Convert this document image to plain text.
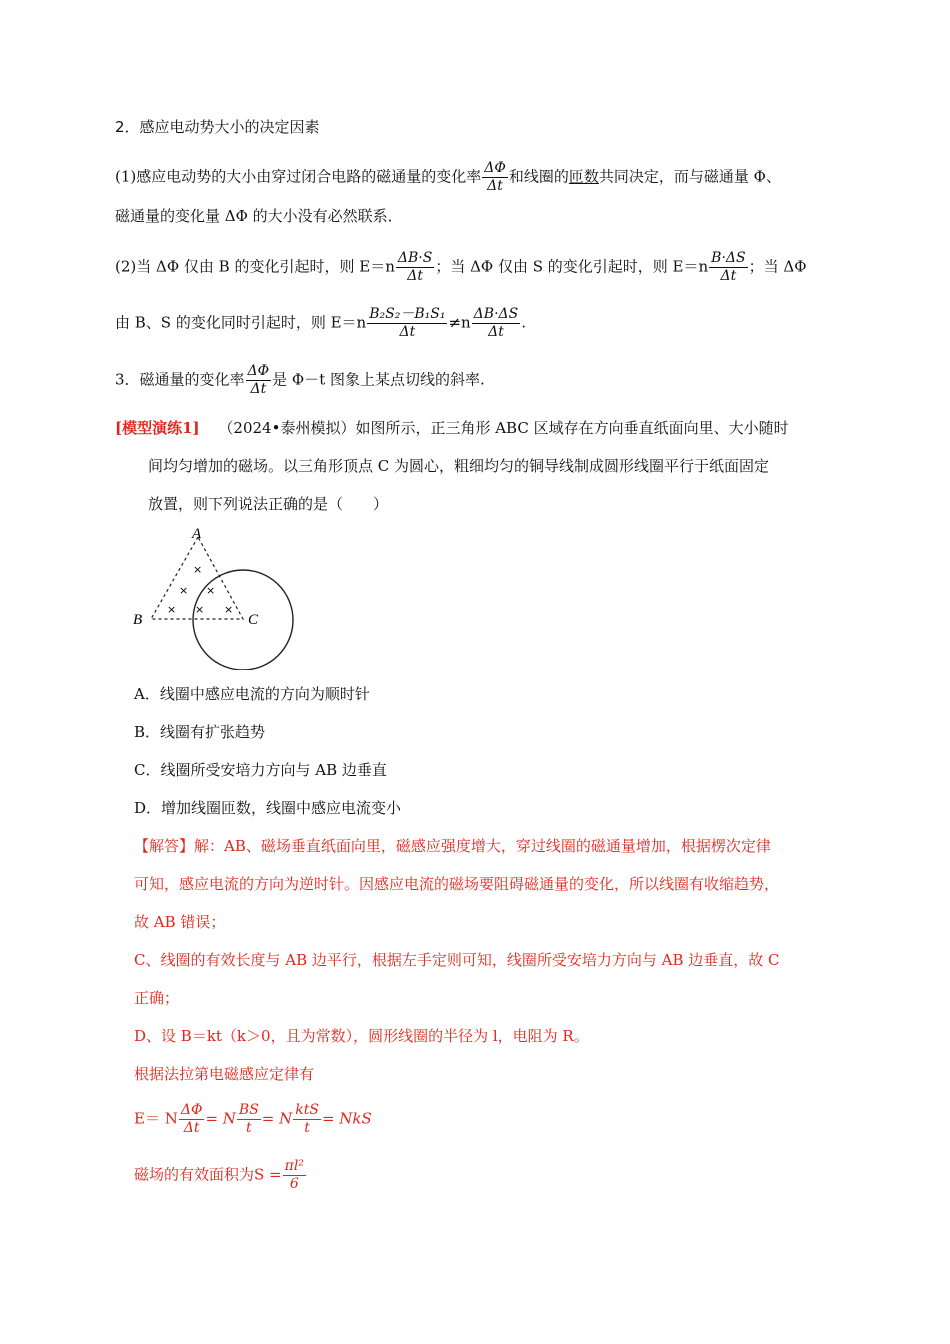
2．感应电动势大小的决定因素
(1)感应电动势的大小由穿过闭合电路的磁通量的变化率 $\frac{\Delta\Phi}{\Delta t}$ 和线圈的匝数共同决定，而与磁通量 Φ、
磁通量的变化量 ΔΦ 的大小没有必然联系．
(2)当 ΔΦ 仅由 B 的变化引起时，则 $E=n \frac{\Delta B\cdot S}{\Delta t}$ ；当 ΔΦ 仅由 S 的变化引起时，则 $E=n \frac{B\cdot\Delta S}{\Delta t}$ ；当 ΔΦ
由 B、S 的变化同时引起时，则 $E=n \frac{\text{B₂S₂－B₁S₁}}{\Delta t} \ne n \frac{\Delta B\cdot\Delta S}{\Delta t}$ .
3．磁通量的变化率 $\frac{\Delta\Phi}{\Delta t}$ 是 Φ－t 图象上某点切线的斜率.
[模型演练1] （2024•泰州模拟）如图所示，正三角形 ABC 区域存在方向垂直纸面向里、大小随时
间均匀增加的磁场。以三角形顶点 C 为圆心，粗细均匀的铜导线制成圆形线圈平行于纸面固定
放置，则下列说法正确的是（　　）
A
B	C
×
× ×
× × ×
A．线圈中感应电流的方向为顺时针
B．线圈有扩张趋势
C．线圈所受安培力方向与 AB 边垂直
D．增加线圈匝数，线圈中感应电流变小
【解答】解：AB、磁场垂直纸面向里，磁感应强度增大，穿过线圈的磁通量增加，根据楞次定律
可知，感应电流的方向为逆时针。因感应电流的磁场要阻碍磁通量的变化，所以线圈有收缩趋势，
故 AB 错误；
C、线圈的有效长度与 AB 边平行，根据左手定则可知，线圈所受安培力方向与 AB 边垂直，故 C
正确；
D、设 B＝kt（k＞0，且为常数），圆形线圈的半径为 l，电阻为 R。
根据法拉第电磁感应定律有
E＝ N $\frac{\Delta\Phi}{\Delta t} = N \frac{BS}{t} = N \frac{\text{ktS}}{t}$ = NkS
磁场的有效面积为$S = \frac{\text{πl²}}{6}$
